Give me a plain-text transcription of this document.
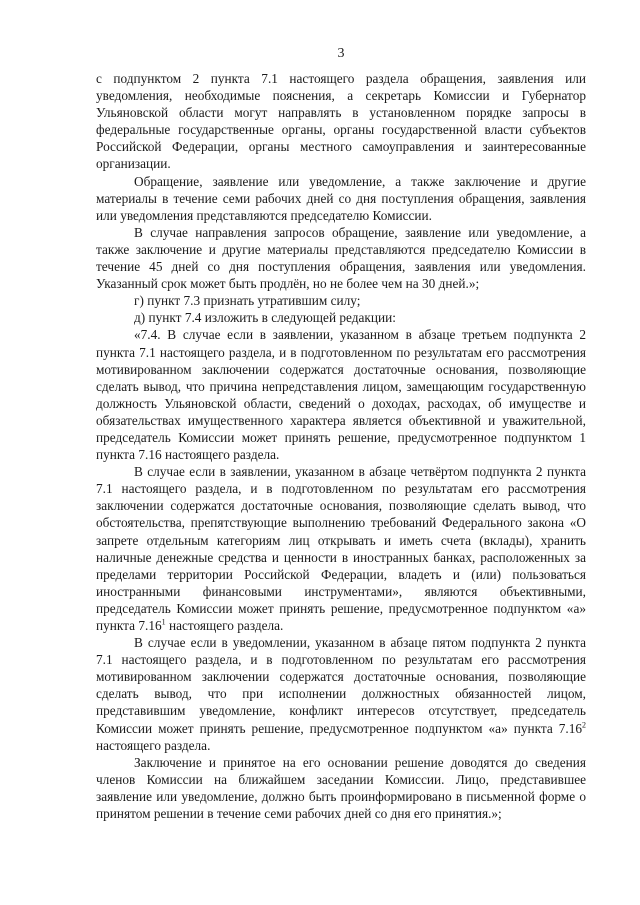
3

с подпунктом 2 пункта 7.1 настоящего раздела обращения, заявления или уведомления, необходимые пояснения, а секретарь Комиссии и Губернатор Ульяновской области могут направлять в установленном порядке запросы в федеральные государственные органы, органы государственной власти субъектов Российской Федерации, органы местного самоуправления и заинтересованные организации.

Обращение, заявление или уведомление, а также заключение и другие материалы в течение семи рабочих дней со дня поступления обращения, заявления или уведомления представляются председателю Комиссии.

В случае направления запросов обращение, заявление или уведомление, а также заключение и другие материалы представляются председателю Комиссии в течение 45 дней со дня поступления обращения, заявления или уведомления. Указанный срок может быть продлён, но не более чем на 30 дней.»;

г) пункт 7.3 признать утратившим силу;

д) пункт 7.4 изложить в следующей редакции:

«7.4. В случае если в заявлении, указанном в абзаце третьем подпункта 2 пункта 7.1 настоящего раздела, и в подготовленном по результатам его рассмотрения мотивированном заключении содержатся достаточные основания, позволяющие сделать вывод, что причина непредставления лицом, замещающим государственную должность Ульяновской области, сведений о доходах, расходах, об имуществе и обязательствах имущественного характера является объективной и уважительной, председатель Комиссии может принять решение, предусмотренное подпунктом 1 пункта 7.16 настоящего раздела.

В случае если в заявлении, указанном в абзаце четвёртом подпункта 2 пункта 7.1 настоящего раздела, и в подготовленном по результатам его рассмотрения заключении содержатся достаточные основания, позволяющие сделать вывод, что обстоятельства, препятствующие выполнению требований Федерального закона «О запрете отдельным категориям лиц открывать и иметь счета (вклады), хранить наличные денежные средства и ценности в иностранных банках, расположенных за пределами территории Российской Федерации, владеть и (или) пользоваться иностранными финансовыми инструментами», являются объективными, председатель Комиссии может принять решение, предусмотренное подпунктом «а» пункта 7.16$^1$ настоящего раздела.

В случае если в уведомлении, указанном в абзаце пятом подпункта 2 пункта 7.1 настоящего раздела, и в подготовленном по результатам его рассмотрения мотивированном заключении содержатся достаточные основания, позволяющие сделать вывод, что при исполнении должностных обязанностей лицом, представившим уведомление, конфликт интересов отсутствует, председатель Комиссии может принять решение, предусмотренное подпунктом «а» пункта 7.16$^2$ настоящего раздела.

Заключение и принятое на его основании решение доводятся до сведения членов Комиссии на ближайшем заседании Комиссии. Лицо, представившее заявление или уведомление, должно быть проинформировано в письменной форме о принятом решении в течение семи рабочих дней со дня его принятия.»;
